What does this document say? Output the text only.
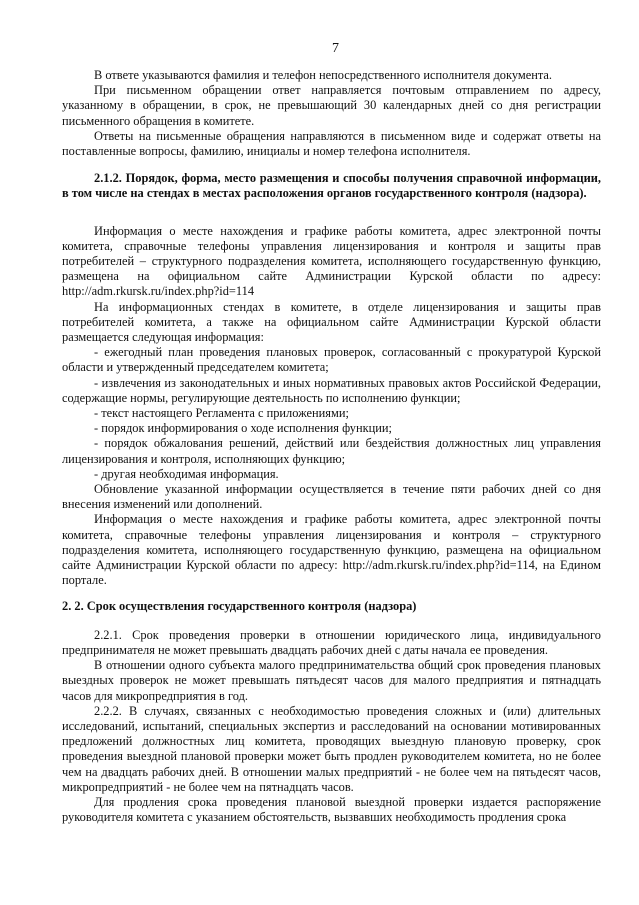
7

В ответе указываются фамилия и телефон непосредственного исполнителя документа.

При письменном обращении ответ направляется почтовым отправлением по адресу, указанному в обращении, в срок, не превышающий 30 календарных дней со дня регистрации письменного обращения в комитете.

Ответы на письменные обращения направляются в письменном виде и содержат ответы на поставленные вопросы, фамилию, инициалы и номер телефона исполнителя.

2.1.2. Порядок, форма, место размещения и способы получения справочной информации, в том числе на стендах в местах расположения органов государственного контроля (надзора).

Информация о месте нахождения и графике работы комитета, адрес электронной почты комитета, справочные телефоны управления лицензирования и контроля и защиты прав потребителей – структурного подразделения комитета, исполняющего государственную функцию, размещена на официальном сайте Администрации Курской области по адресу: http://adm.rkursk.ru/index.php?id=114

На информационных стендах в комитете, в отделе лицензирования и защиты прав потребителей комитета, а также на официальном сайте Администрации Курской области размещается следующая информация:

- ежегодный план проведения плановых проверок, согласованный с прокуратурой Курской области и утвержденный председателем комитета;

- извлечения из законодательных и иных нормативных правовых актов Российской Федерации, содержащие нормы, регулирующие деятельность по исполнению функции;

- текст настоящего Регламента с приложениями;

- порядок информирования о ходе исполнения функции;

- порядок обжалования решений, действий или бездействия должностных лиц управления лицензирования и контроля, исполняющих функцию;

- другая необходимая информация.

Обновление указанной информации осуществляется в течение пяти рабочих дней со дня внесения изменений или дополнений.

Информация о месте нахождения и графике работы комитета, адрес электронной почты комитета, справочные телефоны управления лицензирования и контроля – структурного подразделения комитета, исполняющего государственную функцию, размещена на официальном сайте Администрации Курской области по адресу: http://adm.rkursk.ru/index.php?id=114, на Едином портале.

2. 2. Срок осуществления государственного контроля (надзора)

2.2.1. Срок проведения проверки в отношении юридического лица, индивидуального предпринимателя не может превышать двадцать рабочих дней с даты начала ее проведения.

В отношении одного субъекта малого предпринимательства общий срок проведения плановых выездных проверок не может превышать пятьдесят часов для малого предприятия и пятнадцать часов для микропредприятия в год.

2.2.2. В случаях, связанных с необходимостью проведения сложных и (или) длительных исследований, испытаний, специальных экспертиз и расследований на основании мотивированных предложений должностных лиц комитета, проводящих выездную плановую проверку, срок проведения выездной плановой проверки может быть продлен руководителем комитета, но не более чем на двадцать рабочих дней. В отношении малых предприятий - не более чем на пятьдесят часов, микропредприятий - не более чем на пятнадцать часов.

Для продления срока проведения плановой выездной проверки издается распоряжение руководителя комитета с указанием обстоятельств, вызвавших необходимость продления срока
